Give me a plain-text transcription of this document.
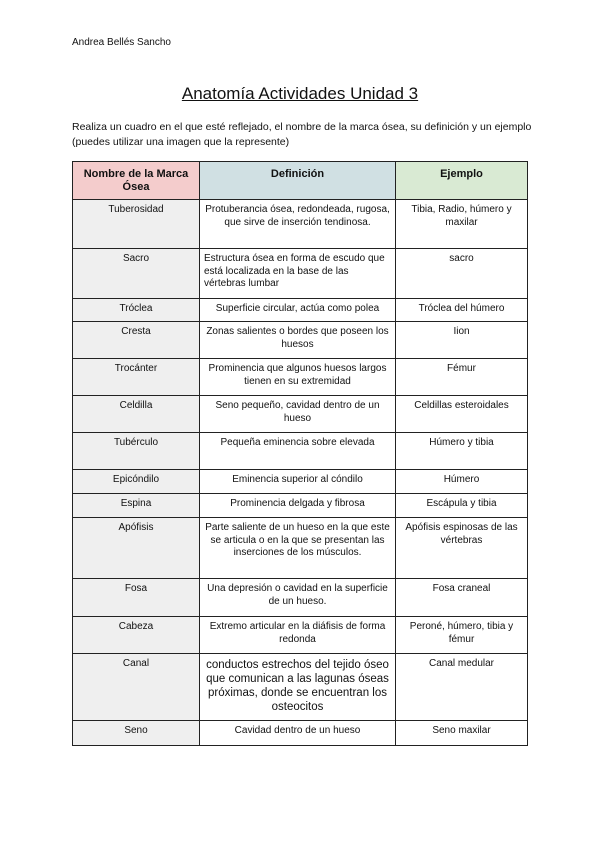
Andrea Bellés Sancho
Anatomía Actividades Unidad 3
Realiza un cuadro en el que esté reflejado, el nombre de la marca ósea, su definición y un ejemplo (puedes utilizar una imagen que la represente)
Nombre de la Marca Ósea	Definición	Ejemplo
Tuberosidad	Protuberancia ósea, redondeada, rugosa, que sirve de inserción tendinosa.	Tibia, Radio, húmero y maxilar
Sacro	Estructura ósea en forma de escudo que está localizada en la base de las vértebras lumbar	sacro
Tróclea	Superficie circular, actúa como polea	Tróclea del húmero
Cresta	Zonas salientes o bordes que poseen los huesos	Iion
Trocánter	Prominencia que algunos huesos largos tienen en su extremidad	Fémur
Celdilla	Seno pequeño, cavidad dentro de un hueso	Celdillas esteroidales
Tubérculo	Pequeña eminencia sobre elevada	Húmero y tibia
Epicóndilo	Eminencia superior al cóndilo	Húmero
Espina	Prominencia delgada y fibrosa	Escápula y tibia
Apófisis	Parte saliente de un hueso en la que este se articula o en la que se presentan las inserciones de los músculos.	Apófisis espinosas de las vértebras
Fosa	Una depresión o cavidad en la superficie de un hueso.	Fosa craneal
Cabeza	Extremo articular en la diáfisis de forma redonda	Peroné, húmero, tibia y fémur
Canal	conductos estrechos del tejido óseo que comunican a las lagunas óseas próximas, donde se encuentran los osteocitos	Canal medular
Seno	Cavidad dentro de un hueso	Seno maxilar
